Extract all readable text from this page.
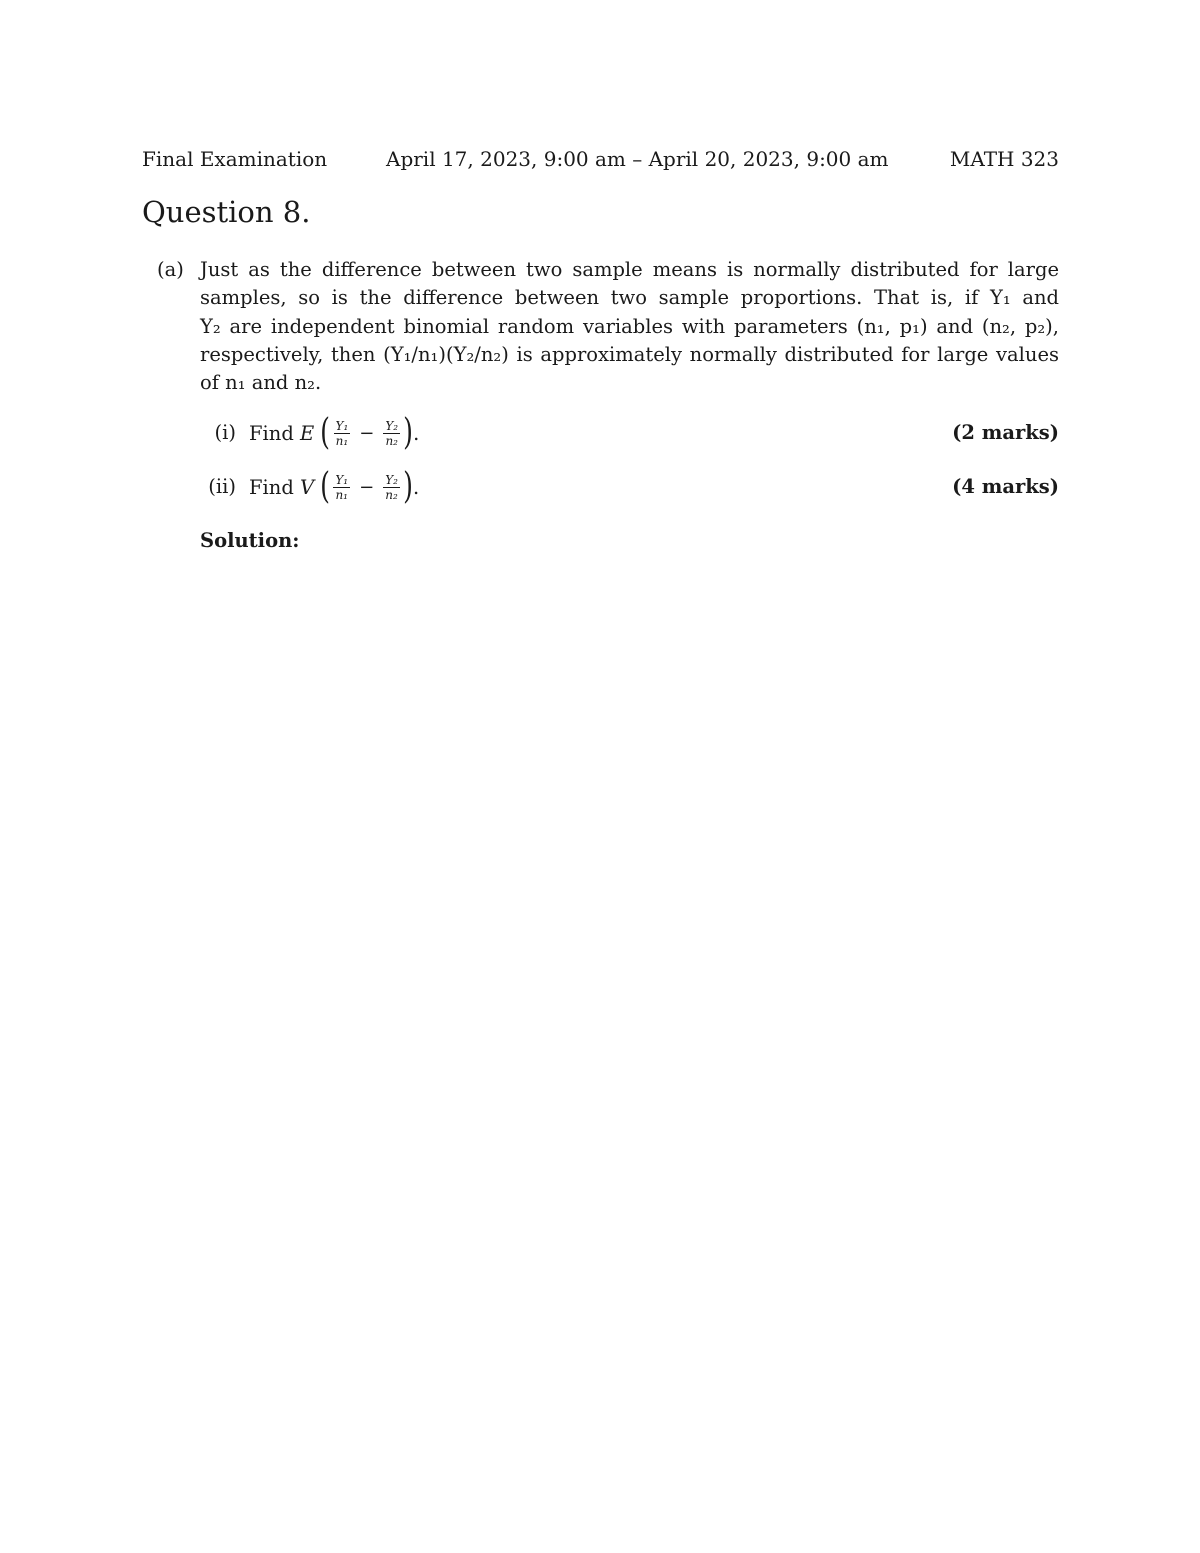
Final Examination	April 17, 2023, 9:00 am – April 20, 2023, 9:00 am	MATH 323
Question 8.
(a) Just as the difference between two sample means is normally distributed for large
samples, so is the difference between two sample proportions. That is, if Y₁ and
Y₂ are independent binomial random variables with parameters (n₁, p₁) and (n₂, p₂),
respectively, then (Y₁/n₁)(Y₂/n₂) is approximately normally distributed for large values
of n₁ and n₂.
(i) Find
E
( $\frac{\text{Y₁}}{\text{n₁}} - \frac{\text{Y₂}}{\text{n₂}}$ ) .	(2 marks)
(ii) Find
V
( $\frac{\text{Y₁}}{\text{n₁}} - \frac{\text{Y₂}}{\text{n₂}}$ ) .	(4 marks)
Solution:
